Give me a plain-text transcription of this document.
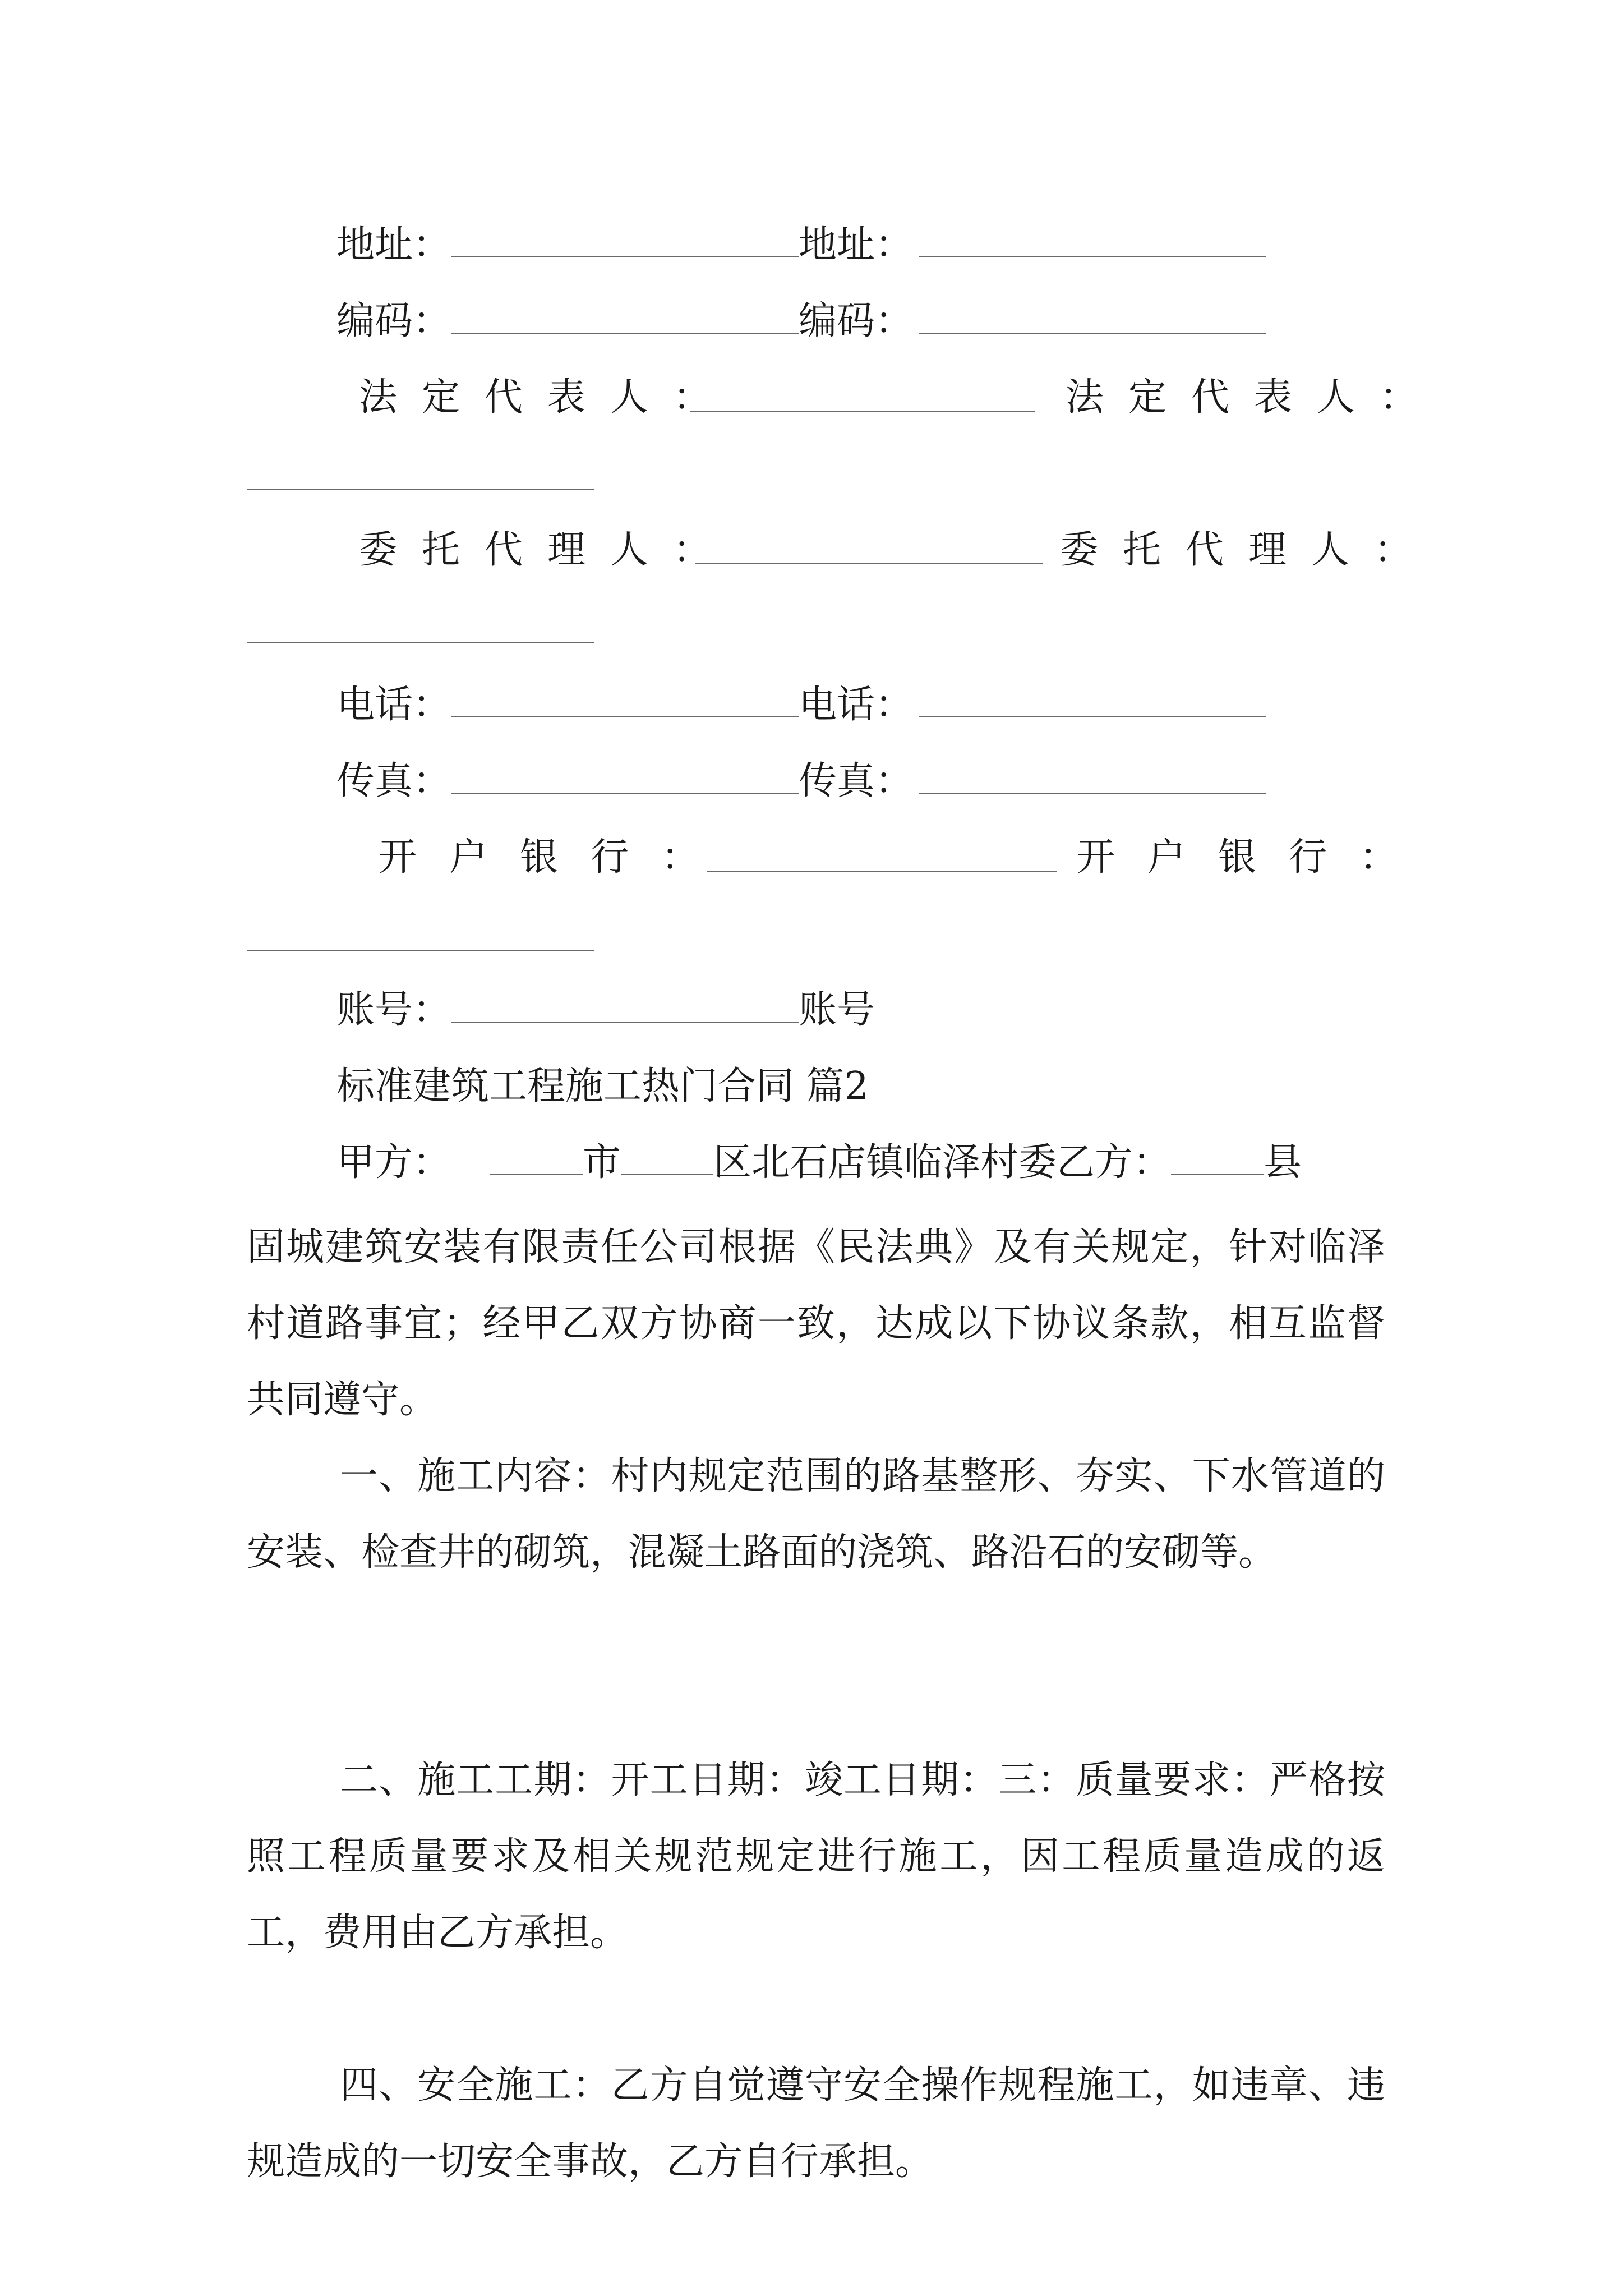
地址：	地址：
编码：	编码：
法定代表人：	法定代表人：
委托代理人：	委托代理人：
电话：	电话：
传真：	传真：
开户银行：	开户银行：
账号：	账号
标准建筑工程施工热门合同 篇2
甲方：	市 区北石店镇临泽村委乙方： 县
固城建筑安装有限责任公司根据《民法典》及有关规定，针对临泽村道路事宜；经甲乙双方协商一致，达成以下协议条款，相互监督共同遵守。
一、施工内容：村内规定范围的路基整形、夯实、下水管道的安装、检查井的砌筑，混凝土路面的浇筑、路沿石的安砌等。
二、施工工期：开工日期：竣工日期：三：质量要求：严格按照工程质量要求及相关规范规定进行施工，因工程质量造成的返工，费用由乙方承担。
四、安全施工：乙方自觉遵守安全操作规程施工，如违章、违规造成的一切安全事故，乙方自行承担。
